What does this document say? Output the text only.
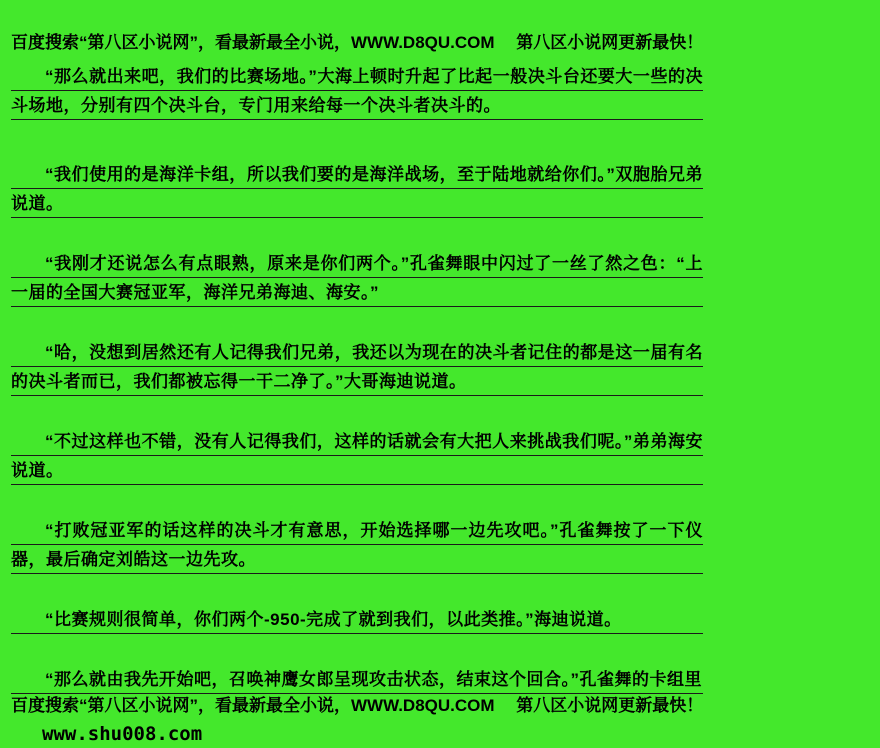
百度搜索“第八区小说网”，看最新最全小说，WWW.D8QU.COM　 第八区小说网更新最快！

“那么就出来吧，我们的比赛场地。”大海上顿时升起了比起一般决斗台还要大一些的决斗场地，分别有四个决斗台，专门用来给每一个决斗者决斗的。

“我们使用的是海洋卡组，所以我们要的是海洋战场，至于陆地就给你们。”双胞胎兄弟说道。

“我刚才还说怎么有点眼熟，原来是你们两个。”孔雀舞眼中闪过了一丝了然之色：“上一届的全国大赛冠亚军，海洋兄弟海迪、海安。”

“哈，没想到居然还有人记得我们兄弟，我还以为现在的决斗者记住的都是这一届有名的决斗者而已，我们都被忘得一干二净了。”大哥海迪说道。

“不过这样也不错，没有人记得我们，这样的话就会有大把人来挑战我们呢。”弟弟海安说道。

“打败冠亚军的话这样的决斗才有意思，开始选择哪一边先攻吧。”孔雀舞按了一下仪器，最后确定刘皓这一边先攻。

“比赛规则很简单，你们两个-950-完成了就到我们，以此类推。”海迪说道。

“那么就由我先开始吧，召唤神鹰女郎呈现攻击状态，结束这个回合。”孔雀舞的卡组里

百度搜索“第八区小说网”，看最新最全小说，WWW.D8QU.COM　 第八区小说网更新最快！
www.shu008.com
